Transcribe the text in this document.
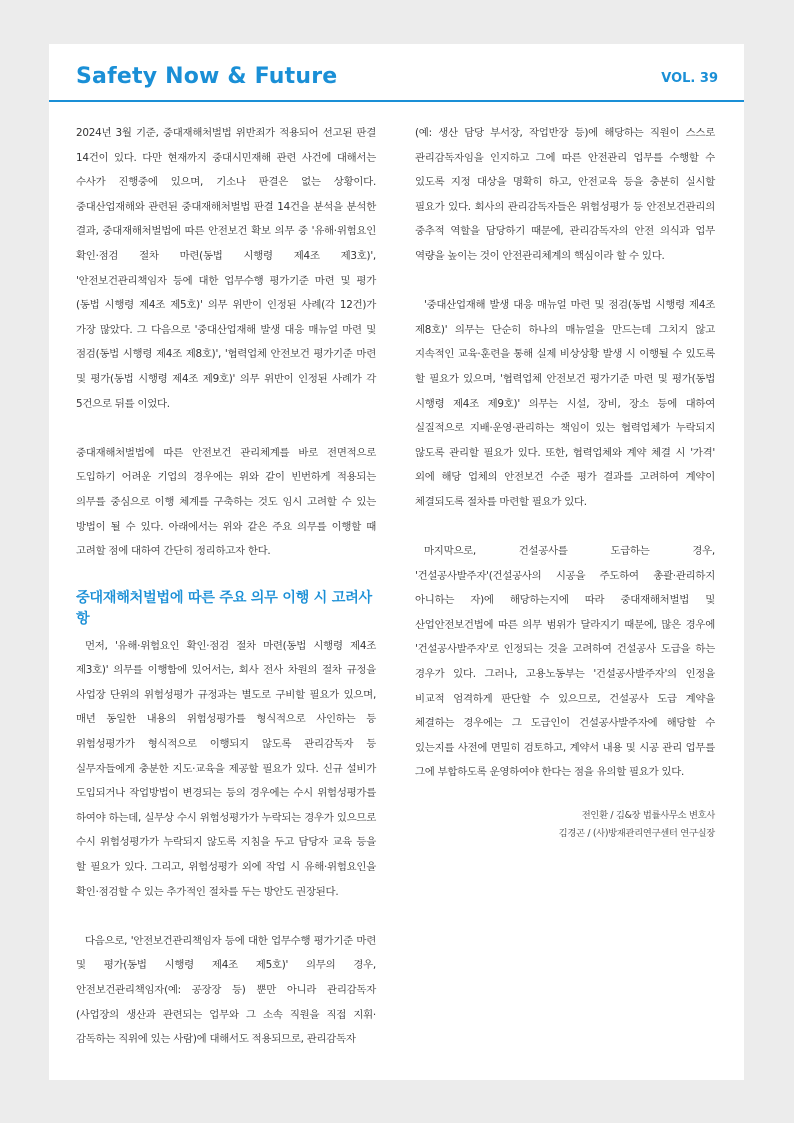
Safety Now & Future	VOL. 39

2024년 3월 기준, 중대재해처벌법 위반죄가 적용되어 선고된 판결 14건이 있다. 다만 현재까지 중대시민재해 관련 사건에 대해서는 수사가 진행중에 있으며, 기소나 판결은 없는 상황이다. 중대산업재해와 관련된 중대재해처벌법 판결 14건을 분석을 분석한 결과, 중대재해처벌법에 따른 안전보건 확보 의무 중 '유해·위험요인 확인·점검 절차 마련(동법 시행령 제4조 제3호)', '안전보건관리책임자 등에 대한 업무수행 평가기준 마련 및 평가(동법 시행령 제4조 제5호)' 의무 위반이 인정된 사례(각 12건)가 가장 많았다. 그 다음으로 '중대산업재해 발생 대응 매뉴얼 마련 및 점검(동법 시행령 제4조 제8호)', '협력업체 안전보건 평가기준 마련 및 평가(동법 시행령 제4조 제9호)' 의무 위반이 인정된 사례가 각 5건으로 뒤를 이었다.

중대재해처벌법에 따른 안전보건 관리체계를 바로 전면적으로 도입하기 어려운 기업의 경우에는 위와 같이 빈번하게 적용되는 의무를 중심으로 이행 체계를 구축하는 것도 임시 고려할 수 있는 방법이 될 수 있다. 아래에서는 위와 같은 주요 의무를 이행할 때 고려할 점에 대하여 간단히 정리하고자 한다.

중대재해처벌법에 따른 주요 의무 이행 시 고려사항

먼저, '유해·위험요인 확인·점검 절차 마련(동법 시행령 제4조 제3호)' 의무를 이행함에 있어서는, 회사 전사 차원의 절차 규정을 사업장 단위의 위험성평가 규정과는 별도로 구비할 필요가 있으며, 매년 동일한 내용의 위험성평가를 형식적으로 사인하는 등 위험성평가가 형식적으로 이행되지 않도록 관리감독자 등 실무자들에게 충분한 지도·교육을 제공할 필요가 있다. 신규 설비가 도입되거나 작업방법이 변경되는 등의 경우에는 수시 위험성평가를 하여야 하는데, 실무상 수시 위험성평가가 누락되는 경우가 있으므로 수시 위험성평가가 누락되지 않도록 지침을 두고 담당자 교육 등을 할 필요가 있다. 그리고, 위험성평가 외에 작업 시 유해·위험요인을 확인·점검할 수 있는 추가적인 절차를 두는 방안도 권장된다.

다음으로, '안전보건관리책임자 등에 대한 업무수행 평가기준 마련 및 평가(동법 시행령 제4조 제5호)' 의무의 경우, 안전보건관리책임자(예: 공장장 등) 뿐만 아니라 관리감독자(사업장의 생산과 관련되는 업무와 그 소속 직원을 직접 지휘·감독하는 직위에 있는 사람)에 대해서도 적용되므로, 관리감독자

(예: 생산 담당 부서장, 작업반장 등)에 해당하는 직원이 스스로 관리감독자임을 인지하고 그에 따른 안전관리 업무를 수행할 수 있도록 지정 대상을 명확히 하고, 안전교육 등을 충분히 실시할 필요가 있다. 회사의 관리감독자들은 위험성평가 등 안전보건관리의 중추적 역할을 담당하기 때문에, 관리감독자의 안전 의식과 업무 역량을 높이는 것이 안전관리체계의 핵심이라 할 수 있다.

'중대산업재해 발생 대응 매뉴얼 마련 및 점검(동법 시행령 제4조 제8호)' 의무는 단순히 하나의 매뉴얼을 만드는데 그치지 않고 지속적인 교육·훈련을 통해 실제 비상상황 발생 시 이행될 수 있도록 할 필요가 있으며, '협력업체 안전보건 평가기준 마련 및 평가(동법 시행령 제4조 제9호)' 의무는 시설, 장비, 장소 등에 대하여 실질적으로 지배·운영·관리하는 책임이 있는 협력업체가 누락되지 않도록 관리할 필요가 있다. 또한, 협력업체와 계약 체결 시 '가격' 외에 해당 업체의 안전보건 수준 평가 결과를 고려하여 계약이 체결되도록 절차를 마련할 필요가 있다.

마지막으로, 건설공사를 도급하는 경우, '건설공사발주자'(건설공사의 시공을 주도하여 총괄·관리하지 아니하는 자)에 해당하는지에 따라 중대재해처벌법 및 산업안전보건법에 따른 의무 범위가 달라지기 때문에, 많은 경우에 '건설공사발주자'로 인정되는 것을 고려하여 건설공사 도급을 하는 경우가 있다. 그러나, 고용노동부는 '건설공사발주자'의 인정을 비교적 엄격하게 판단할 수 있으므로, 건설공사 도급 계약을 체결하는 경우에는 그 도급인이 건설공사발주자에 해당할 수 있는지를 사전에 면밀히 검토하고, 계약서 내용 및 시공 관리 업무를 그에 부합하도록 운영하여야 한다는 점을 유의할 필요가 있다.

전인환 / 김&장 법률사무소 변호사
김경곤 / (사)방재관리연구센터 연구실장
